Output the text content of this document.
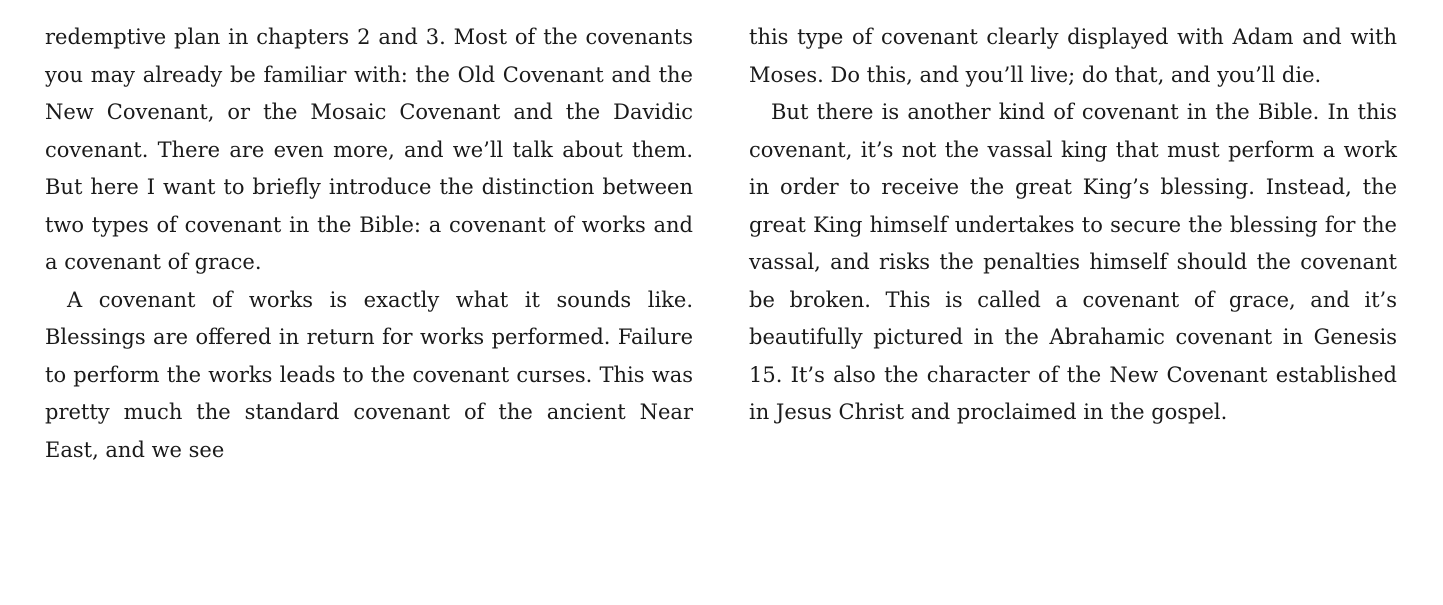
redemptive plan in chapters 2 and 3. Most of the covenants you may already be familiar with: the Old Covenant and the New Covenant, or the Mosaic Covenant and the Davidic covenant. There are even more, and we’ll talk about them. But here I want to briefly introduce the distinction between two types of covenant in the Bible: a covenant of works and a covenant of grace.

A covenant of works is exactly what it sounds like. Blessings are offered in return for works performed. Failure to perform the works leads to the covenant curses. This was pretty much the standard covenant of the ancient Near East, and we see

this type of covenant clearly displayed with Adam and with Moses. Do this, and you’ll live; do that, and you’ll die.

But there is another kind of covenant in the Bible. In this covenant, it’s not the vassal king that must perform a work in order to receive the great King’s blessing. Instead, the great King himself undertakes to secure the blessing for the vassal, and risks the penalties himself should the covenant be broken. This is called a covenant of grace, and it’s beautifully pictured in the Abrahamic covenant in Genesis 15. It’s also the character of the New Covenant established in Jesus Christ and proclaimed in the gospel.
